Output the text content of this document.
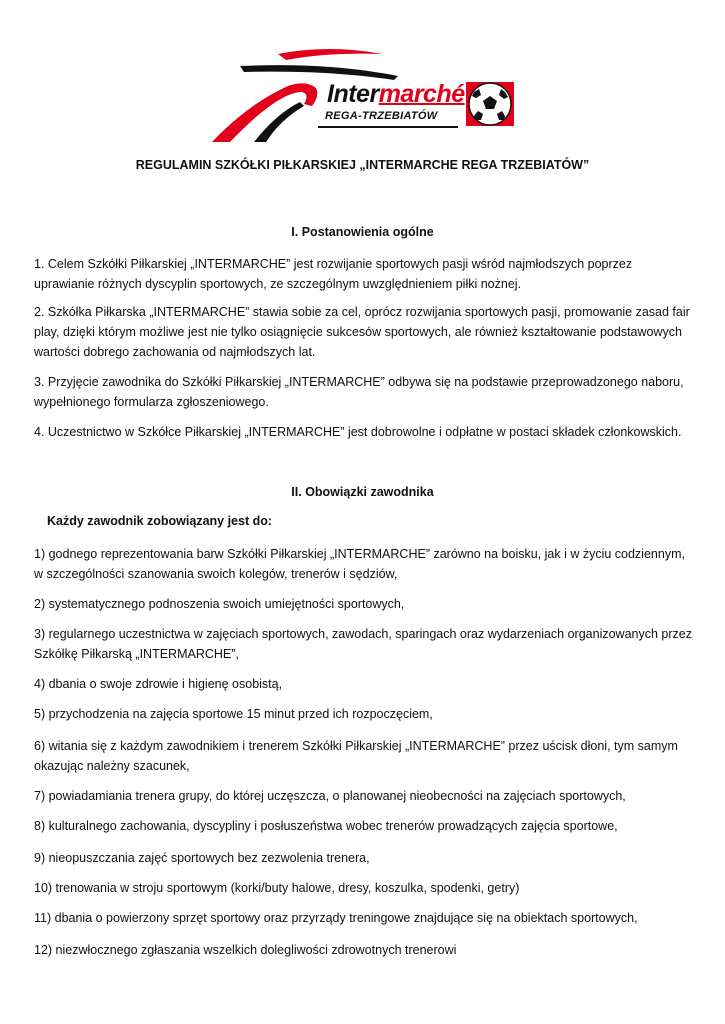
Intermarché
REGA-TRZEBIATÓW
REGULAMIN SZKÓŁKI PIŁKARSKIEJ „INTERMARCHE REGA TRZEBIATÓW”
I. Postanowienia ogólne
1. Celem Szkółki Piłkarskiej „INTERMARCHE” jest rozwijanie sportowych pasji wśród najmłodszych poprzez uprawianie różnych dyscyplin sportowych, ze szczególnym uwzględnieniem piłki nożnej.
2. Szkółka Piłkarska „INTERMARCHE” stawia sobie za cel, oprócz rozwijania sportowych pasji, promowanie zasad fair play, dzięki którym możliwe jest nie tylko osiągnięcie sukcesów sportowych, ale również kształtowanie podstawowych wartości dobrego zachowania od najmłodszych lat.
3. Przyjęcie zawodnika do Szkółki Piłkarskiej „INTERMARCHE” odbywa się na podstawie przeprowadzonego naboru, wypełnionego formularza zgłoszeniowego.
4. Uczestnictwo w Szkółce Piłkarskiej „INTERMARCHE” jest dobrowolne i odpłatne w postaci składek członkowskich.
II. Obowiązki zawodnika
Każdy zawodnik zobowiązany jest do:
1) godnego reprezentowania barw Szkółki Piłkarskiej „INTERMARCHE” zarówno na boisku, jak i w życiu codziennym, w szczególności szanowania swoich kolegów, trenerów i sędziów,
2) systematycznego podnoszenia swoich umiejętności sportowych,
3) regularnego uczestnictwa w zajęciach sportowych, zawodach, sparingach oraz wydarzeniach organizowanych przez Szkółkę Piłkarską „INTERMARCHE”,
4) dbania o swoje zdrowie i higienę osobistą,
5) przychodzenia na zajęcia sportowe 15 minut przed ich rozpoczęciem,
6) witania się z każdym zawodnikiem i trenerem Szkółki Piłkarskiej „INTERMARCHE” przez uścisk dłoni, tym samym okazując należny szacunek,
7) powiadamiania trenera grupy, do której uczęszcza, o planowanej nieobecności na zajęciach sportowych,
8) kulturalnego zachowania, dyscypliny i posłuszeństwa wobec trenerów prowadzących zajęcia sportowe,
9) nieopuszczania zajęć sportowych bez zezwolenia trenera,
10) trenowania w stroju sportowym (korki/buty halowe, dresy, koszulka, spodenki, getry)
11) dbania o powierzony sprzęt sportowy oraz przyrządy treningowe znajdujące się na obiektach sportowych,
12) niezwłocznego zgłaszania wszelkich dolegliwości zdrowotnych trenerowi
